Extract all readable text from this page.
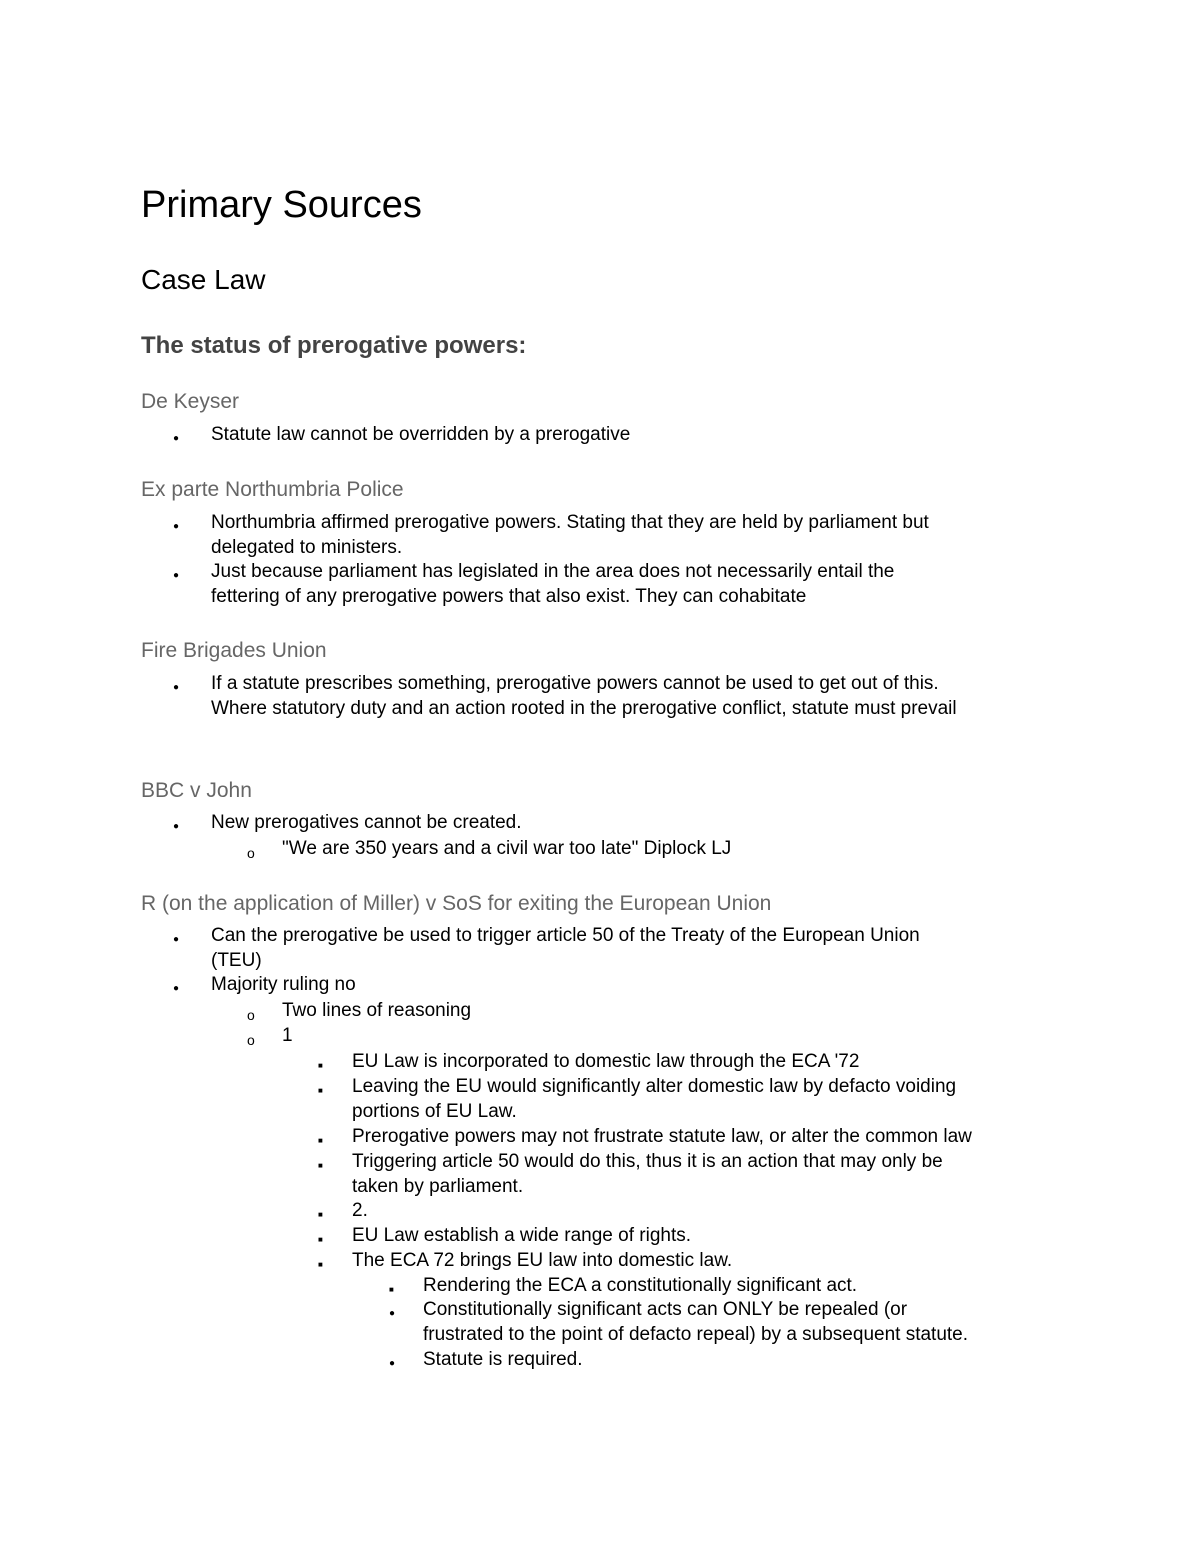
Primary Sources
Case Law
The status of prerogative powers:
De Keyser
●
Statute law cannot be overridden by a prerogative
Ex parte Northumbria Police
●
Northumbria affirmed prerogative powers. Stating that they are held by parliament but
delegated to ministers.
●
Just because parliament has legislated in the area does not necessarily entail the
fettering of any prerogative powers that also exist. They can cohabitate
Fire Brigades Union
●
If a statute prescribes something, prerogative powers cannot be used to get out of this.
Where statutory duty and an action rooted in the prerogative conflict, statute must prevail
BBC v John
●
New prerogatives cannot be created.
o
"We are 350 years and a civil war too late" Diplock LJ
R (on the application of Miller) v SoS for exiting the European Union
●
Can the prerogative be used to trigger article 50 of the Treaty of the European Union
(TEU)
●
Majority ruling no
o
Two lines of reasoning
o
1
■
EU Law is incorporated to domestic law through the ECA '72
■
Leaving the EU would significantly alter domestic law by defacto voiding
portions of EU Law.
■
Prerogative powers may not frustrate statute law, or alter the common law
■
Triggering article 50 would do this, thus it is an action that may only be
taken by parliament.
■
2.
■
EU Law establish a wide range of rights.
■
The ECA 72 brings EU law into domestic law.
■
Rendering the ECA a constitutionally significant act.
●
Constitutionally significant acts can ONLY be repealed (or
frustrated to the point of defacto repeal) by a subsequent statute.
●
Statute is required.
